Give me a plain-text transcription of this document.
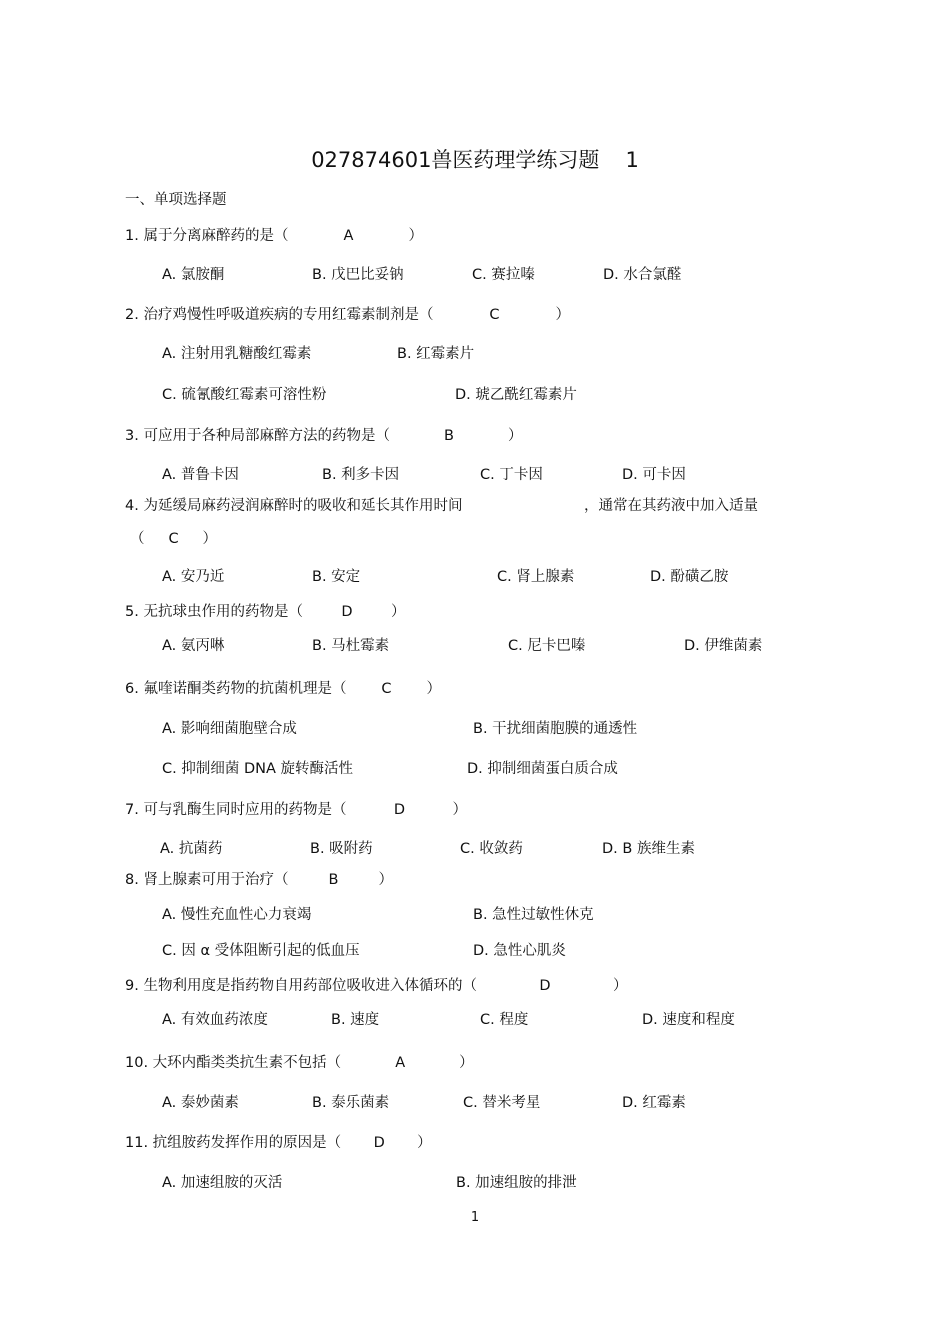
027874601兽医药理学练习题 1

一、单项选择题

1. 属于分离麻醉药的是（	A	）

A. 氯胺酮	B. 戊巴比妥钠	C. 赛拉嗪	D. 水合氯醛

2. 治疗鸡慢性呼吸道疾病的专用红霉素制剂是（	C	）

A. 注射用乳糖酸红霉素	B. 红霉素片

C. 硫氰酸红霉素可溶性粉	D. 琥乙酰红霉素片

3. 可应用于各种局部麻醉方法的药物是（	B	）

A. 普鲁卡因	B. 利多卡因	C. 丁卡因	D. 可卡因

4. 为延缓局麻药浸润麻醉时的吸收和延长其作用时间	，通常在其药液中加入适量

（ C ）

A. 安乃近	B. 安定	C. 肾上腺素	D. 酚磺乙胺

5. 无抗球虫作用的药物是（	D	）

A. 氨丙啉	B. 马杜霉素	C. 尼卡巴嗪	D. 伊维菌素

6. 氟喹诺酮类药物的抗菌机理是（ C ）

A. 影响细菌胞壁合成	B. 干扰细菌胞膜的通透性

C. 抑制细菌 DNA 旋转酶活性	D. 抑制细菌蛋白质合成

7. 可与乳酶生同时应用的药物是（	D	）

A. 抗菌药	B. 吸附药	C. 收敛药	D. B 族维生素

8. 肾上腺素可用于治疗（	B	）

A. 慢性充血性心力衰竭	B. 急性过敏性休克

C. 因 α 受体阻断引起的低血压	D. 急性心肌炎

9. 生物利用度是指药物自用药部位吸收进入体循环的（	D	）

A. 有效血药浓度	B. 速度	C. 程度	D. 速度和程度

10. 大环内酯类类抗生素不包括（	A	）

A. 泰妙菌素	B. 泰乐菌素	C. 替米考星	D. 红霉素

11. 抗组胺药发挥作用的原因是（ D ）

A. 加速组胺的灭活	B. 加速组胺的排泄

1
